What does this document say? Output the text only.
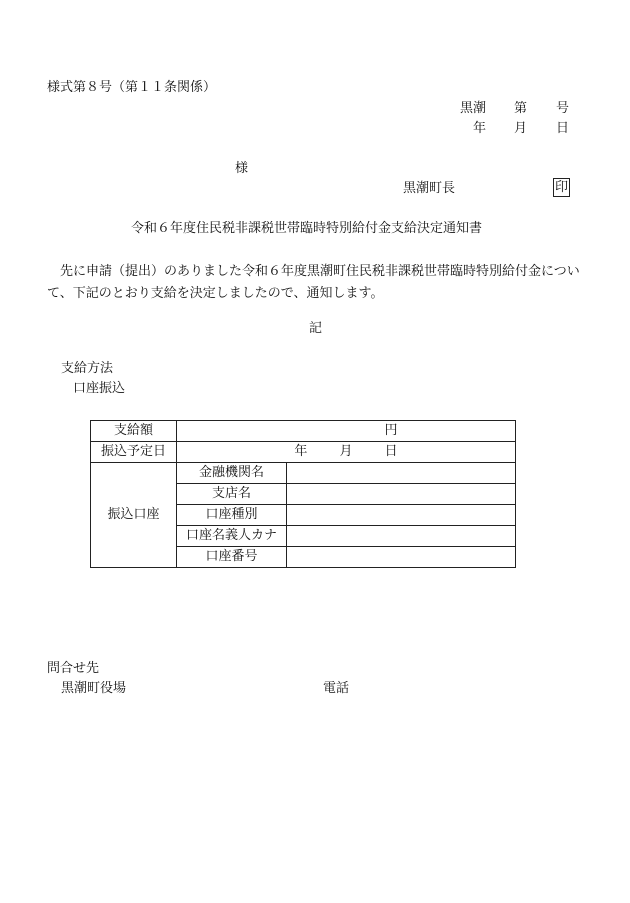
様式第８号（第１１条関係）
黒潮 第 号
年 月 日
様
黒潮町長	印
令和６年度住民税非課税世帯臨時特別給付金支給決定通知書

先に申請（提出）のありました令和６年度黒潮町住民税非課税世帯臨時特別給付金について、下記のとおり支給を決定しましたので、通知します。

記
支給方法
口座振込
支給額	円	
振込予定日	年 月 日	
振込口座	金融機関名	
	支店名	
	口座種別	
	口座名義人カナ	
	口座番号	
問合せ先
黒潮町役場	電話
